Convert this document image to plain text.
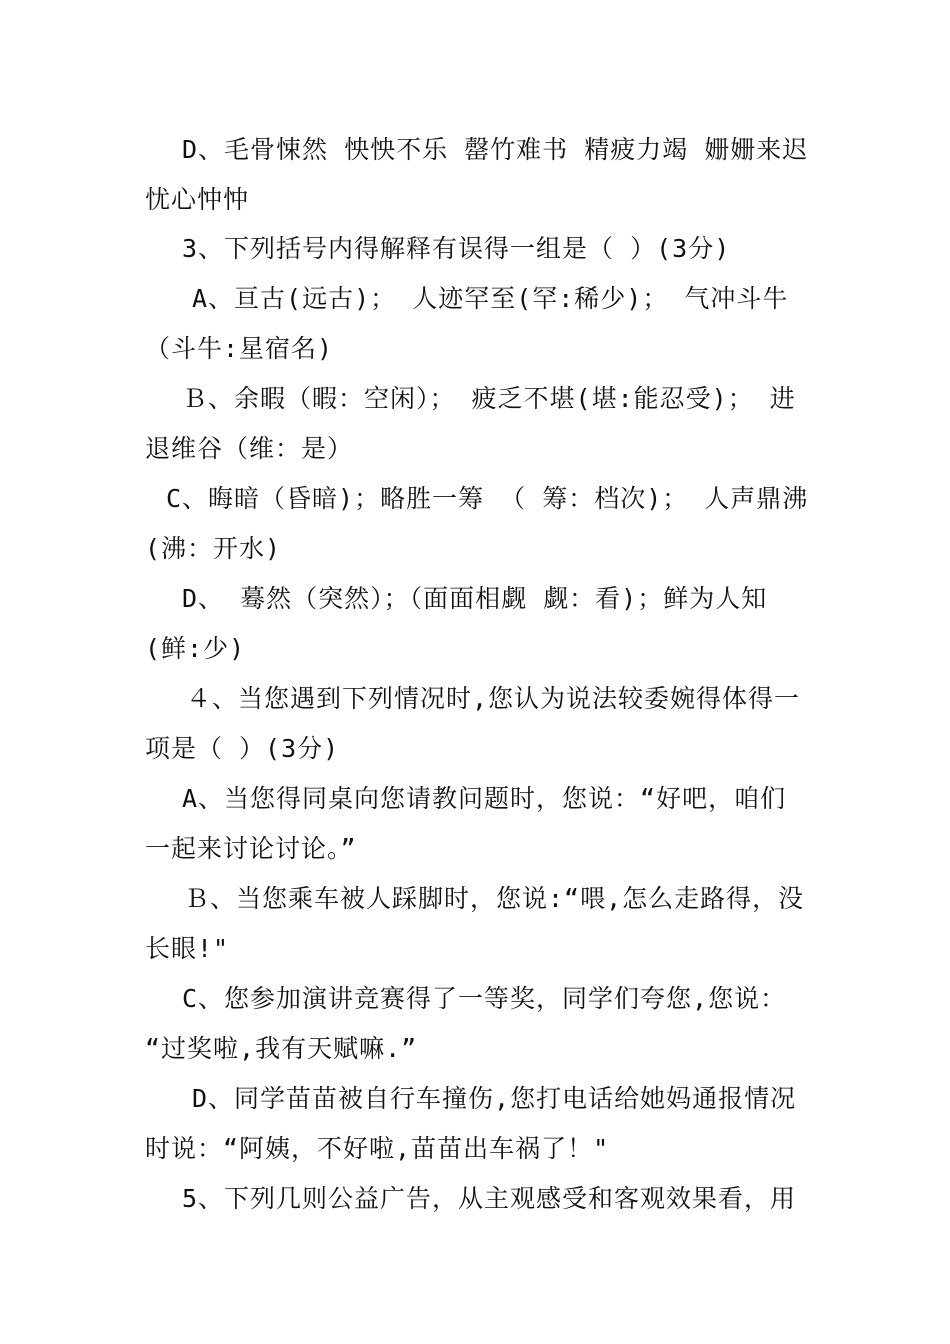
D、毛骨悚然 怏怏不乐 罄竹难书 精疲力竭 姗姗来迟
忧心忡忡
3、下列括号内得解释有误得一组是（ ）(3分)
A、亘古(远古)； 人迹罕至(罕:稀少)； 气冲斗牛
（斗牛:星宿名)
Ｂ、余暇（暇：空闲）； 疲乏不堪(堪:能忍受)； 进
退维谷（维：是）
C、晦暗（昏暗)；略胜一筹 （ 筹：档次)； 人声鼎沸
(沸：开水)
D、 蓦然（突然）；（面面相觑 觑：看)；鲜为人知
(鲜:少)
４、当您遇到下列情况时,您认为说法较委婉得体得一
项是（ ）(3分)
A、当您得同桌向您请教问题时，您说：“好吧，咱们
一起来讨论讨论。”
Ｂ、当您乘车被人踩脚时，您说:“喂,怎么走路得，没
长眼!"
C、您参加演讲竞赛得了一等奖，同学们夸您,您说：
“过奖啦,我有天赋嘛.”
D、同学苗苗被自行车撞伤,您打电话给她妈通报情况
时说：“阿姨，不好啦,苗苗出车祸了！"
5、下列几则公益广告，从主观感受和客观效果看，用
